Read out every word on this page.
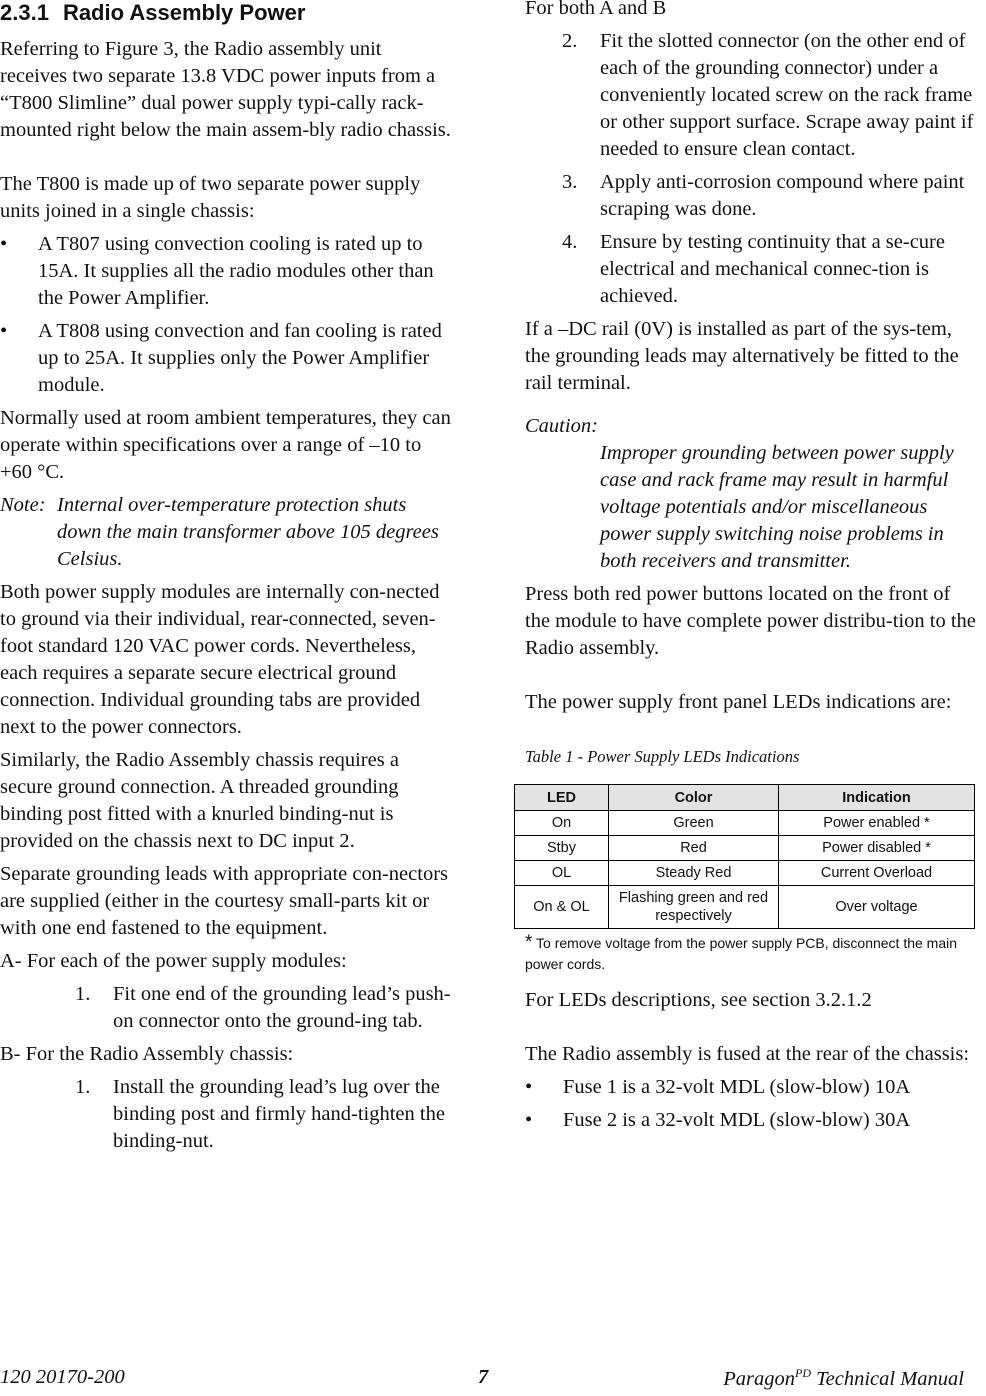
2.3.1 Radio Assembly Power

Referring to Figure 3, the Radio assembly unit receives two separate 13.8 VDC power inputs from a “T800 Slimline” dual power supply typi-cally rack-mounted right below the main assem-bly radio chassis.

The T800 is made up of two separate power supply units joined in a single chassis:

• A T807 using convection cooling is rated up to 15A. It supplies all the radio modules other than the Power Amplifier.
• A T808 using convection and fan cooling is rated up to 25A. It supplies only the Power Amplifier module.

Normally used at room ambient temperatures, they can operate within specifications over a range of –10 to +60 °C.

Note: Internal over-temperature protection shuts down the main transformer above 105 degrees Celsius.

Both power supply modules are internally con-nected to ground via their individual, rear-connected, seven-foot standard 120 VAC power cords. Nevertheless, each requires a separate secure electrical ground connection. Individual grounding tabs are provided next to the power connectors.

Similarly, the Radio Assembly chassis requires a secure ground connection. A threaded grounding binding post fitted with a knurled binding-nut is provided on the chassis next to DC input 2.

Separate grounding leads with appropriate con-nectors are supplied (either in the courtesy small-parts kit or with one end fastened to the equipment.

A- For each of the power supply modules:

1. Fit one end of the grounding lead’s push-on connector onto the ground-ing tab.

B- For the Radio Assembly chassis:

1. Install the grounding lead’s lug over the binding post and firmly hand-tighten the binding-nut.

For both A and B

2. Fit the slotted connector (on the other end of each of the grounding connector) under a conveniently located screw on the rack frame or other support surface. Scrape away paint if needed to ensure clean contact.
3. Apply anti-corrosion compound where paint scraping was done.
4. Ensure by testing continuity that a se-cure electrical and mechanical connec-tion is achieved.

If a –DC rail (0V) is installed as part of the sys-tem, the grounding leads may alternatively be fitted to the rail terminal.

Caution:

Improper grounding between power supply case and rack frame may result in harmful voltage potentials and/or miscellaneous power supply switching noise problems in both receivers and transmitter.

Press both red power buttons located on the front of the module to have complete power distribu-tion to the Radio assembly.

The power supply front panel LEDs indications are:

Table 1 - Power Supply LEDs Indications

LED	Color	Indication
On	Green	Power enabled *
Stby	Red	Power disabled *
OL	Steady Red	Current Overload
On & OL	Flashing green and red respectively	Over voltage

* To remove voltage from the power supply PCB, disconnect the main power cords.

For LEDs descriptions, see section 3.2.1.2

The Radio assembly is fused at the rear of the chassis:

• Fuse 1 is a 32-volt MDL (slow-blow) 10A
• Fuse 2 is a 32-volt MDL (slow-blow) 30A
120 20170-200	7	Paragon$^{PD}$ Technical Manual
